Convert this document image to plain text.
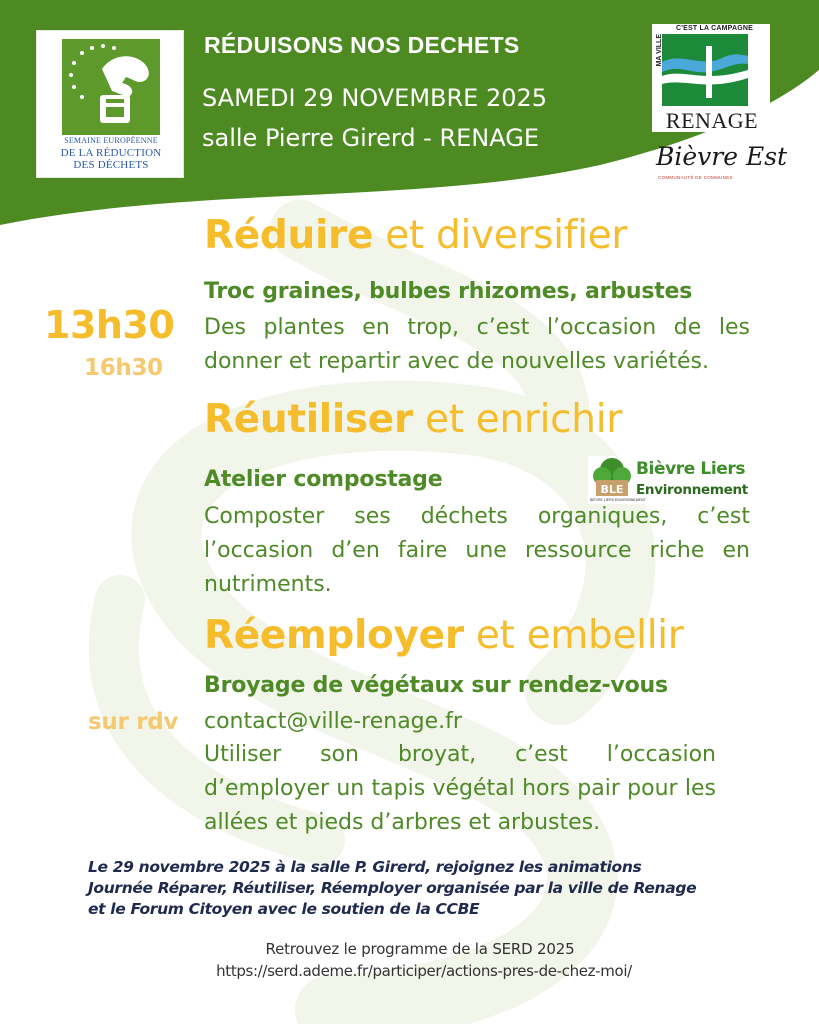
SEMAINE EUROPÉENNE
DE LA RÉDUCTION
DES DÉCHETS
RÉDUISONS NOS DECHETS
SAMEDI 29 NOVEMBRE 2025
salle Pierre Girerd - RENAGE
C'EST LA CAMPAGNE
MA VILLE
RENAGE
Bièvre Est
COMMUNAUTÉ DE COMMUNES
Réduire et diversifier
Troc graines, bulbes rhizomes, arbustes
Des plantes en trop, c’est l’occasion de les donner et repartir avec de nouvelles variétés.
13h30
16h30
Réutiliser et enrichir
Atelier compostage	BLE
Bièvre Liers
Environnement
BIÈVRE LIERS ENVIRONNEMENT
Composter ses déchets organiques, c’est l’occasion d’en faire une ressource riche en nutriments.
Réemployer et embellir
Broyage de végétaux sur rendez-vous
contact@ville-renage.fr
sur rdv
Utiliser son broyat, c’est l’occasion d’employer un tapis végétal hors pair pour les allées et pieds d’arbres et arbustes.
Le 29 novembre 2025 à la salle P. Girerd, rejoignez les animations
Journée Réparer, Réutiliser, Réemployer organisée par la ville de Renage
et le Forum Citoyen avec le soutien de la CCBE
Retrouvez le programme de la SERD 2025
https://serd.ademe.fr/participer/actions-pres-de-chez-moi/
